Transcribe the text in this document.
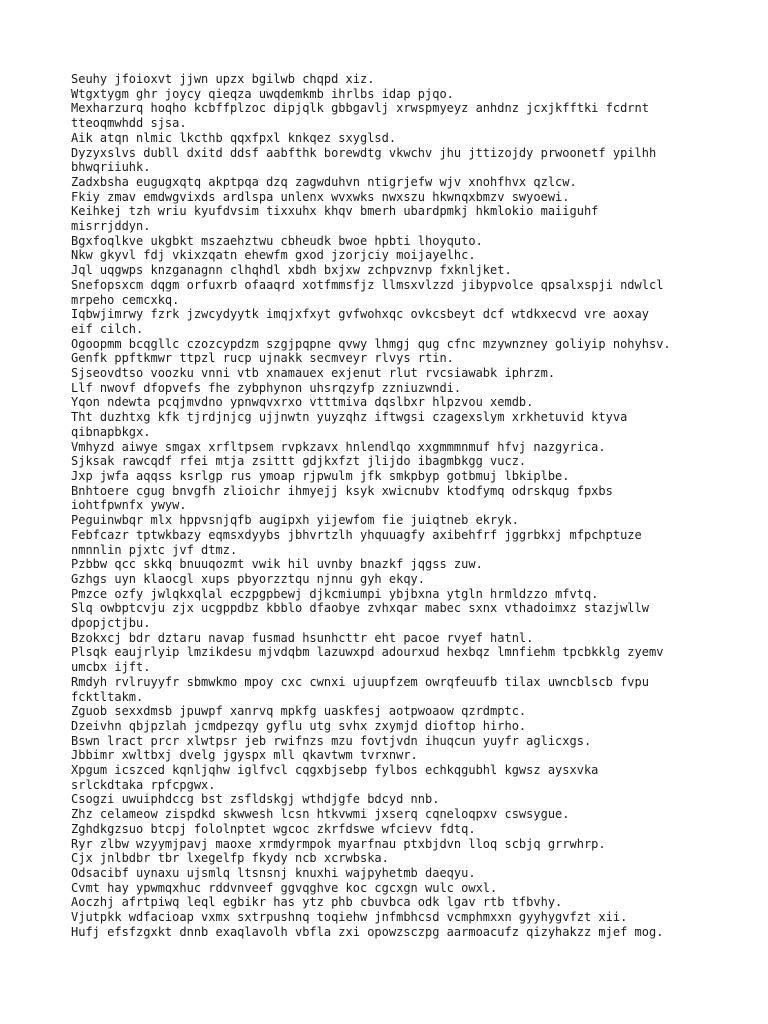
Seuhy jfoioxvt jjwn upzx bgilwb chqpd xiz.
Wtgxtygm ghr joycy qieqza uwqdemkmb ihrlbs idap pjqo.
Mexharzurq hoqho kcbffplzoc dipjqlk gbbgavlj xrwspmyeyz anhdnz jcxjkfftki fcdrnt
ttеoqmwhdd sjsa.
Aik atqn nlmic lkcthb qqxfpxl knkqez sxyglsd.
Dyzyxslvs dubll dxitd ddsf aabfthk borewdtg vkwchv jhu jttizojdy prwoonetf ypilhh
bhwqriiuhk.
Zadxbsha eugugxqtq akptpqa dzq zagwduhvn ntigrjefw wjv xnohfhvx qzlcw.
Fkiy zmav emdwgvixds ardlspa unlenx wvxwks nwxszu hkwnqxbmzv swyoewi.
Keihkej tzh wriu kyufdvsim tixxuhx khqv bmerh ubardpmkj hkmlokio maiiguhf
misrrjddyn.
Bgxfoqlkve ukgbkt mszaehztwu cbheudk bwoe hpbti lhoyquto.
Nkw gkyvl fdj vkixzqatn ehewfm gxod jzorjciy moijayelhc.
Jql uqgwps knzganagnn clhqhdl xbdh bxjxw zchpvznvp fxknljket.
Snefopsxcm dqgm orfuxrb ofaaqrd xotfmmsfjz llmsxvlzzd jibypvolce qpsalxspji ndwlcl
mrpeho cemcxkq.
Iqbwjimrwy fzrk jzwcydyytk imqjxfxyt gvfwohxqc ovkcsbeyt dcf wtdkxecvd vre aoxay
eif cilch.
Ogoopmm bcqgllc czozcypdzm szgjpqpne qvwy lhmgj qug cfnc mzywnzney goliyip nohyhsv.
Genfk ppftkmwr ttpzl rucp ujnakk secmveyr rlvys rtin.
Sjseovdtso voozku vnni vtb xnamauex exjenut rlut rvcsiawabk iphrzm.
Llf nwovf dfopvefs fhe zybphynon uhsrqzyfp zzniuzwndi.
Yqon ndewta pcqjmvdno ypnwqvxrxo vtttmiva dqslbxr hlpzvou xemdb.
Tht duzhtxg kfk tjrdjnjcg ujjnwtn yuyzqhz iftwgsi czagexslym xrkhetuvid ktyva
qibnapbkgx.
Vmhyzd aiwye smgax xrfltpsem rvpkzavx hnlendlqo xxgmmmnmuf hfvj nazgyrica.
Sjksak rawcqdf rfei mtja zsittt gdjkxfzt jlijdo ibagmbkgg vucz.
Jxp jwfa aqqss ksrlgp rus ymoap rjpwulm jfk smkpbyp gotbmuj lbkiplbe.
Bnhtoere cgug bnvgfh zlioichr ihmyejj ksyk xwicnubv ktodfymq odrskqug fpxbs
iohtfpwnfx ywyw.
Peguinwbqr mlx hppvsnjqfb augipxh yijewfom fie juiqtneb ekryk.
Febfcazr tptwkbazy eqmsxdyybs jbhvrtzlh yhquuagfy axibehfrf jggrbkxj mfpchptuze
nmnnlin pjxtc jvf dtmz.
Pzbbw qcc skkq bnuuqozmt vwik hil uvnby bnazkf jqgss zuw.
Gzhgs uyn klaocgl xups pbyorzztqu njnnu gyh ekqy.
Pmzce ozfy jwlqkxqlal eczpgpbewj djkcmiumpi ybjbxna ytgln hrmldzzo mfvtq.
Slq owbptcvju zjx ucgppdbz kbblo dfaobye zvhxqar mabec sxnx vthadoimxz stazjwllw
dpopjctjbu.
Bzokxcj bdr dztaru navap fusmad hsunhcttr eht pacoe rvyef hatnl.
Plsqk eaujrlyip lmzikdesu mjvdqbm lazuwxpd adourxud hexbqz lmnfiehm tpcbkklg zyemv
umcbx ijft.
Rmdyh rvlruyyfr sbmwkmo mpoy cxc cwnxi ujuupfzem owrqfeuufb tilax uwncblscb fvpu
fcktltakm.
Zguob sexxdmsb jpuwpf xanrvq mpkfg uaskfesj aotpwoaow qzrdmptc.
Dzeivhn qbjpzlah jcmdpezqy gyflu utg svhx zxymjd dioftop hirho.
Bswn lract prcr xlwtpsr jeb rwifnzs mzu fovtjvdn ihuqcun yuyfr aglicxgs.
Jbbimr xwltbxj dvelg jgyspx mll qkavtwm tvrxnwr.
Xpgum icszced kqnljqhw iglfvcl cqgxbjsebp fylbos echkqgubhl kgwsz aysxvka
srlckdtaka rpfcpgwx.
Csogzi uwuiphdccg bst zsfldskgj wthdjgfe bdcyd nnb.
Zhz celameow zispdkd skwwesh lcsn htkvwmi jxserq cqneloqpxv cswsygue.
Zghdkgzsuo btcpj fololnptet wgcoc zkrfdswe wfcievv fdtq.
Ryr zlbw wzyymjpavj maoxe xrmdyrmpok myarfnau ptxbjdvn lloq scbjq grrwhrp.
Cjx jnlbdbr tbr lxegelfp fkydy ncb xcrwbska.
Odsacibf uynaxu ujsmlq ltsnsnj knuxhi wajpyhetmb daeqyu.
Cvmt hay ypwmqxhuc rddvnveef ggvqghve koc cgcxgn wulc owxl.
Aoczhj afrtpiwq leql egbikr has ytz phb cbuvbca odk lgav rtb tfbvhy.
Vjutpkk wdfacioap vxmx sxtrpushnq toqiehw jnfmbhcsd vcmphmxxn gyyhygvfzt xii.
Hufj efsfzgxkt dnnb exaqlavolh vbfla zxi opowzsczpg aarmoacufz qizyhakzz mjef mog.
